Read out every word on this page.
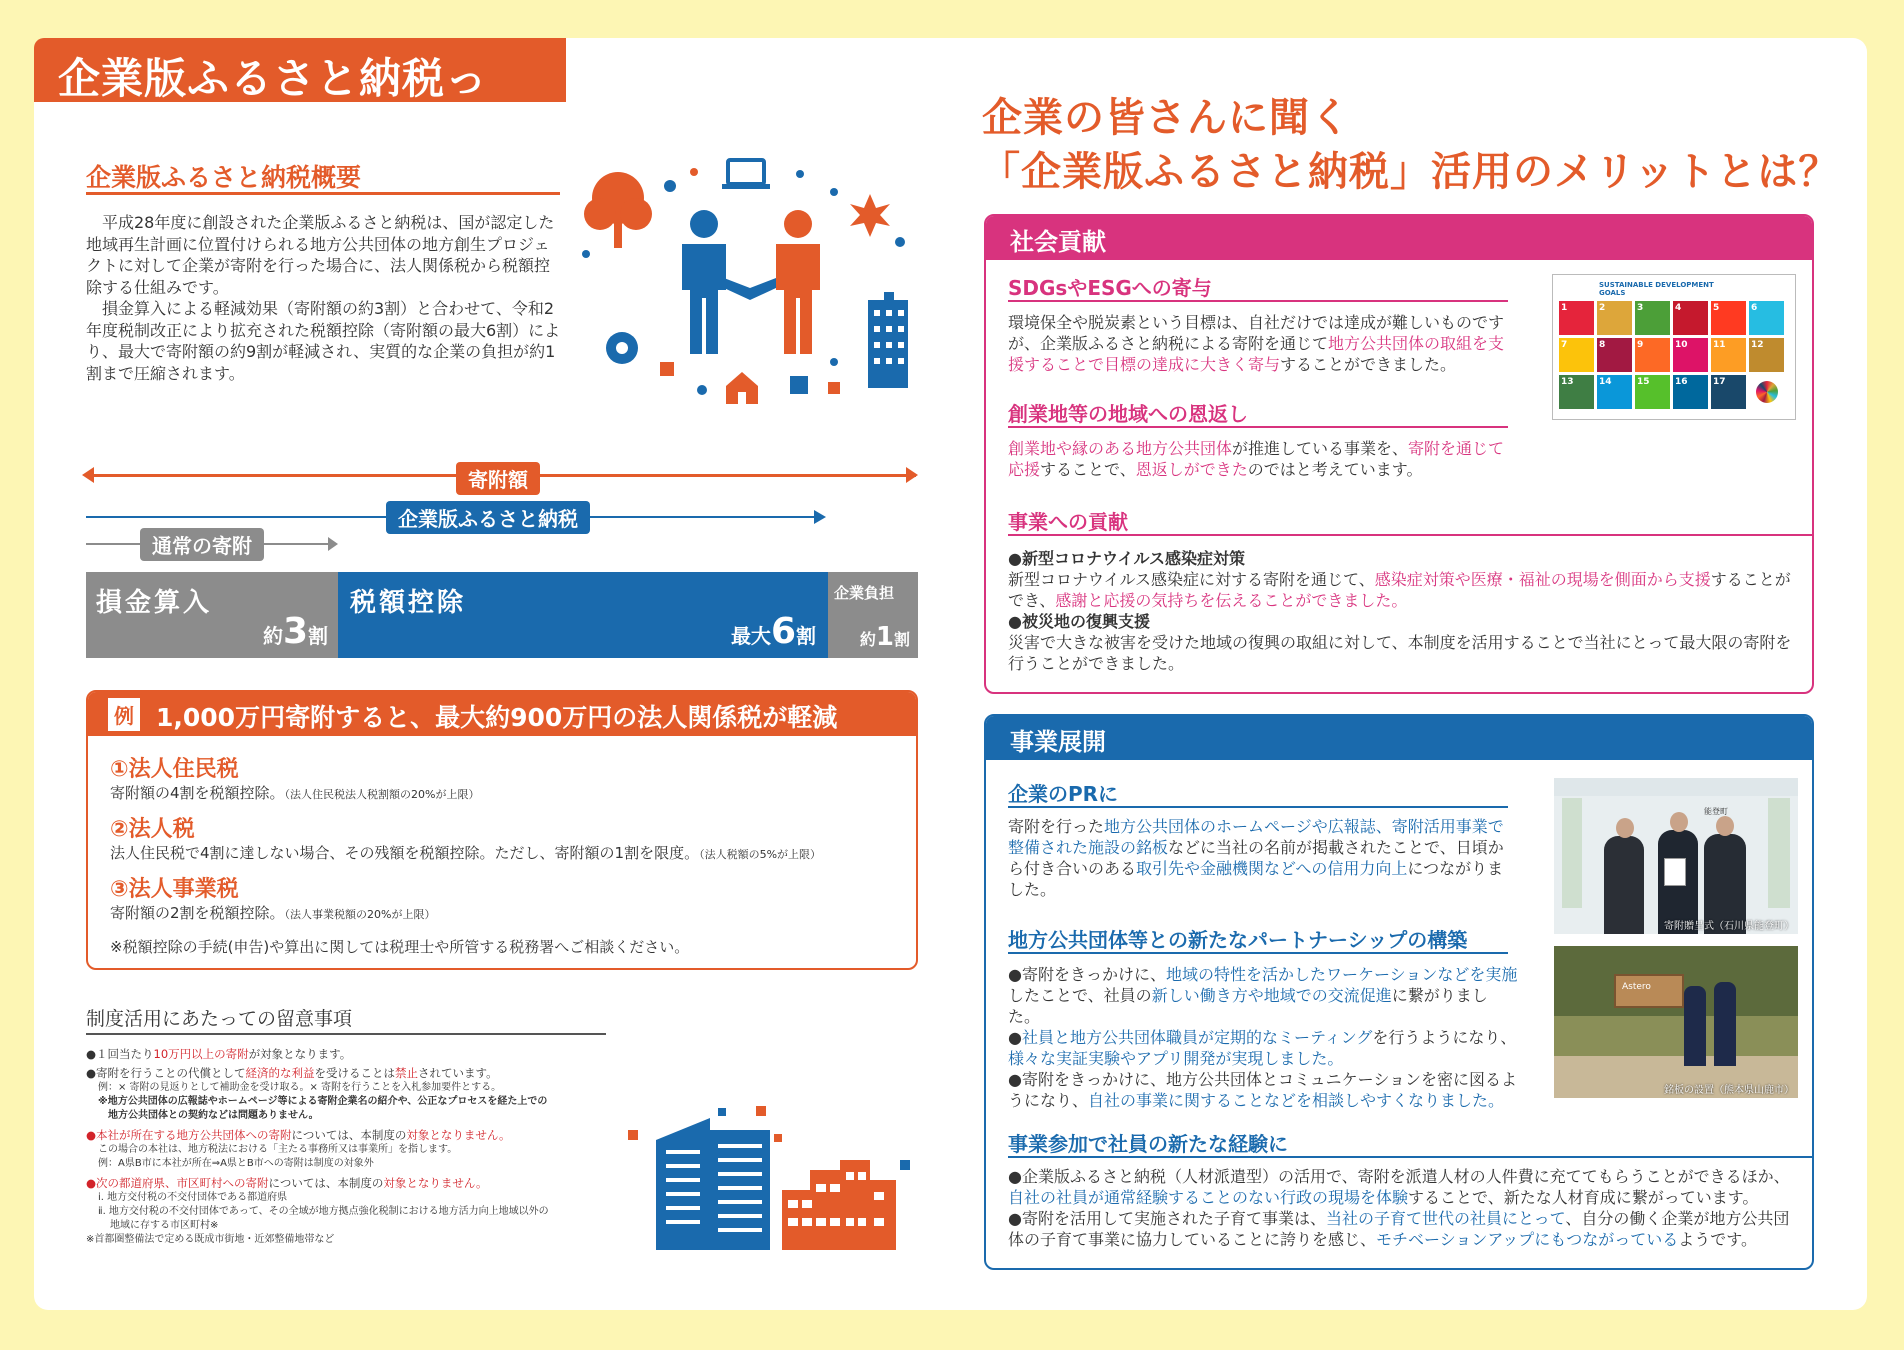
企業版ふるさと納税って？
企業版ふるさと納税概要
　平成28年度に創設された企業版ふるさと納税は、国が認定した地域再生計画に位置付けられる地方公共団体の地方創生プロジェクトに対して企業が寄附を行った場合に、法人関係税から税額控除する仕組みです。
　損金算入による軽減効果（寄附額の約3割）と合わせて、令和2年度税制改正により拡充された税額控除（寄附額の最大6割）により、最大で寄附額の約9割が軽減され、実質的な企業の負担が約1割まで圧縮されます。
寄附額
企業版ふるさと納税
通常の寄附
損金算入
約3割
税額控除
最大6割
企業負担
約1割
例 1,000万円寄附すると、最大約900万円の法人関係税が軽減
①法人住民税
寄附額の4割を税額控除。（法人住民税法人税割額の20%が上限）
②法人税
法人住民税で4割に達しない場合、その残額を税額控除。ただし、寄附額の1割を限度。（法人税額の5%が上限）
③法人事業税
寄附額の2割を税額控除。（法人事業税額の20%が上限）
※税額控除の手続(申告)や算出に関しては税理士や所管する税務署へご相談ください。
制度活用にあたっての留意事項
●１回当たり10万円以上の寄附が対象となります。
●寄附を行うことの代償として経済的な利益を受けることは禁止されています。
例：× 寄附の見返りとして補助金を受け取る。× 寄附を行うことを入札参加要件とする。
※地方公共団体の広報誌やホームページ等による寄附企業名の紹介や、公正なプロセスを経た上での
地方公共団体との契約などは問題ありません。
●本社が所在する地方公共団体への寄附については、本制度の対象となりません。
この場合の本社は、地方税法における「主たる事務所又は事業所」を指します。
例：A県B市に本社が所在⇒A県とB市への寄附は制度の対象外
●次の都道府県、市区町村への寄附については、本制度の対象となりません。
ⅰ. 地方交付税の不交付団体である都道府県
ⅱ. 地方交付税の不交付団体であって、その全域が地方拠点強化税制における地方活力向上地域以外の
地域に存する市区町村※
※首都圏整備法で定める既成市街地・近郊整備地帯など
企業の皆さんに聞く
「企業版ふるさと納税」活用のメリットとは？
社会貢献
SDGsやESGへの寄与
環境保全や脱炭素という目標は、自社だけでは達成が難しいものですが、企業版ふるさと納税による寄附を通じて地方公共団体の取組を支援することで目標の達成に大きく寄与することができました。
創業地等の地域への恩返し
創業地や縁のある地方公共団体が推進している事業を、寄附を通じて応援することで、恩返しができたのではと考えています。
事業への貢献
●新型コロナウイルス感染症対策
新型コロナウイルス感染症に対する寄附を通じて、感染症対策や医療・福祉の現場を側面から支援することができ、感謝と応援の気持ちを伝えることができました。
●被災地の復興支援
災害で大きな被害を受けた地域の復興の取組に対して、本制度を活用することで当社にとって最大限の寄附を行うことができました。
SUSTAINABLE DEVELOPMENT GOALS
1	2	3	4	5	6
7	8	9	10	11	12
13	14	15	16	17
事業展開
企業のPRに
寄附を行った地方公共団体のホームページや広報誌、寄附活用事業で整備された施設の銘板などに当社の名前が掲載されたことで、日頃から付き合いのある取引先や金融機関などへの信用力向上につながりました。
地方公共団体等との新たなパートナーシップの構築
●寄附をきっかけに、地域の特性を活かしたワーケーションなどを実施したことで、社員の新しい働き方や地域での交流促進に繋がりました。
●社員と地方公共団体職員が定期的なミーティングを行うようになり、様々な実証実験やアプリ開発が実現しました。
●寄附をきっかけに、地方公共団体とコミュニケーションを密に図るようになり、自社の事業に関することなどを相談しやすくなりました。
事業参加で社員の新たな経験に
●企業版ふるさと納税（人材派遣型）の活用で、寄附を派遣人材の人件費に充ててもらうことができるほか、自社の社員が通常経験することのない行政の現場を体験することで、新たな人材育成に繋がっています。
●寄附を活用して実施された子育て事業は、当社の子育て世代の社員にとって、自分の働く企業が地方公共団体の子育て事業に協力していることに誇りを感じ、モチベーションアップにもつながっているようです。
能登町
寄附贈呈式（石川県能登町）
Astero
銘板の設置（熊本県山鹿市）
